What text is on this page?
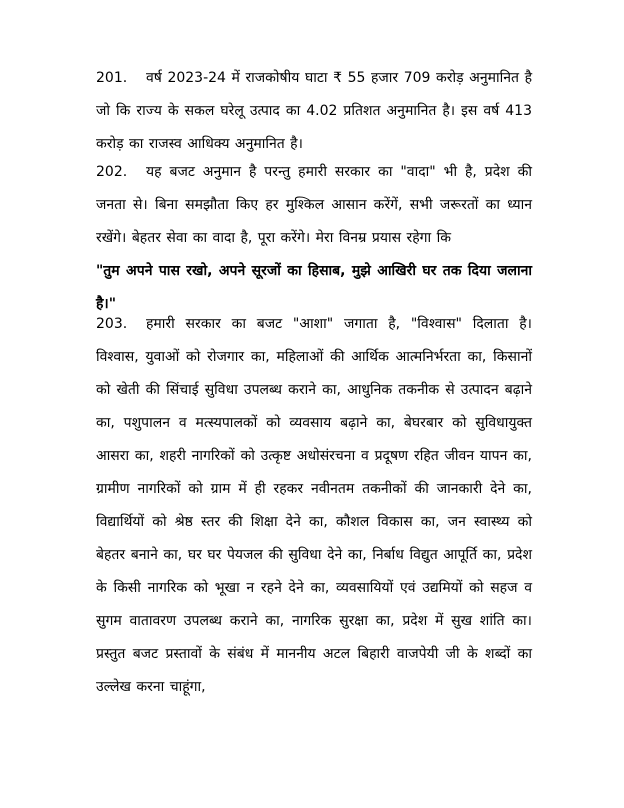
201. वर्ष 2023-24 में राजकोषीय घाटा ₹ 55 हजार 709 करोड़ अनुमानित है जो कि राज्य के सकल घरेलू उत्पाद का 4.02 प्रतिशत अनुमानित है। इस वर्ष 413 करोड़ का राजस्व आधिक्य अनुमानित है।

202. यह बजट अनुमान है परन्तु हमारी सरकार का "वादा" भी है, प्रदेश की जनता से। बिना समझौता किए हर मुश्किल आसान करेंगें, सभी जरूरतों का ध्यान रखेंगे। बेहतर सेवा का वादा है, पूरा करेंगे। मेरा विनम्र प्रयास रहेगा कि
"तुम अपने पास रखो, अपने सूरजों का हिसाब, मुझे आखिरी घर तक दिया जलाना है।"

203. हमारी सरकार का बजट "आशा" जगाता है, "विश्वास" दिलाता है। विश्वास, युवाओं को रोजगार का, महिलाओं की आर्थिक आत्मनिर्भरता का, किसानों को खेती की सिंचाई सुविधा उपलब्ध कराने का, आधुनिक तकनीक से उत्पादन बढ़ाने का, पशुपालन व मत्स्यपालकों को व्यवसाय बढ़ाने का, बेघरबार को सुविधायुक्त आसरा का, शहरी नागरिकों को उत्कृष्ट अधोसंरचना व प्रदूषण रहित जीवन यापन का, ग्रामीण नागरिकों को ग्राम में ही रहकर नवीनतम तकनीकों की जानकारी देने का, विद्यार्थियों को श्रेष्ठ स्तर की शिक्षा देने का, कौशल विकास का, जन स्वास्थ्य को बेहतर बनाने का, घर घर पेयजल की सुविधा देने का, निर्बाध विद्युत आपूर्ति का, प्रदेश के किसी नागरिक को भूखा न रहने देने का, व्यवसायियों एवं उद्यमियों को सहज व सुगम वातावरण उपलब्ध कराने का, नागरिक सुरक्षा का, प्रदेश में सुख शांति का। प्रस्तुत बजट प्रस्तावों के संबंध में माननीय अटल बिहारी वाजपेयी जी के शब्दों का उल्लेख करना चाहूंगा,
